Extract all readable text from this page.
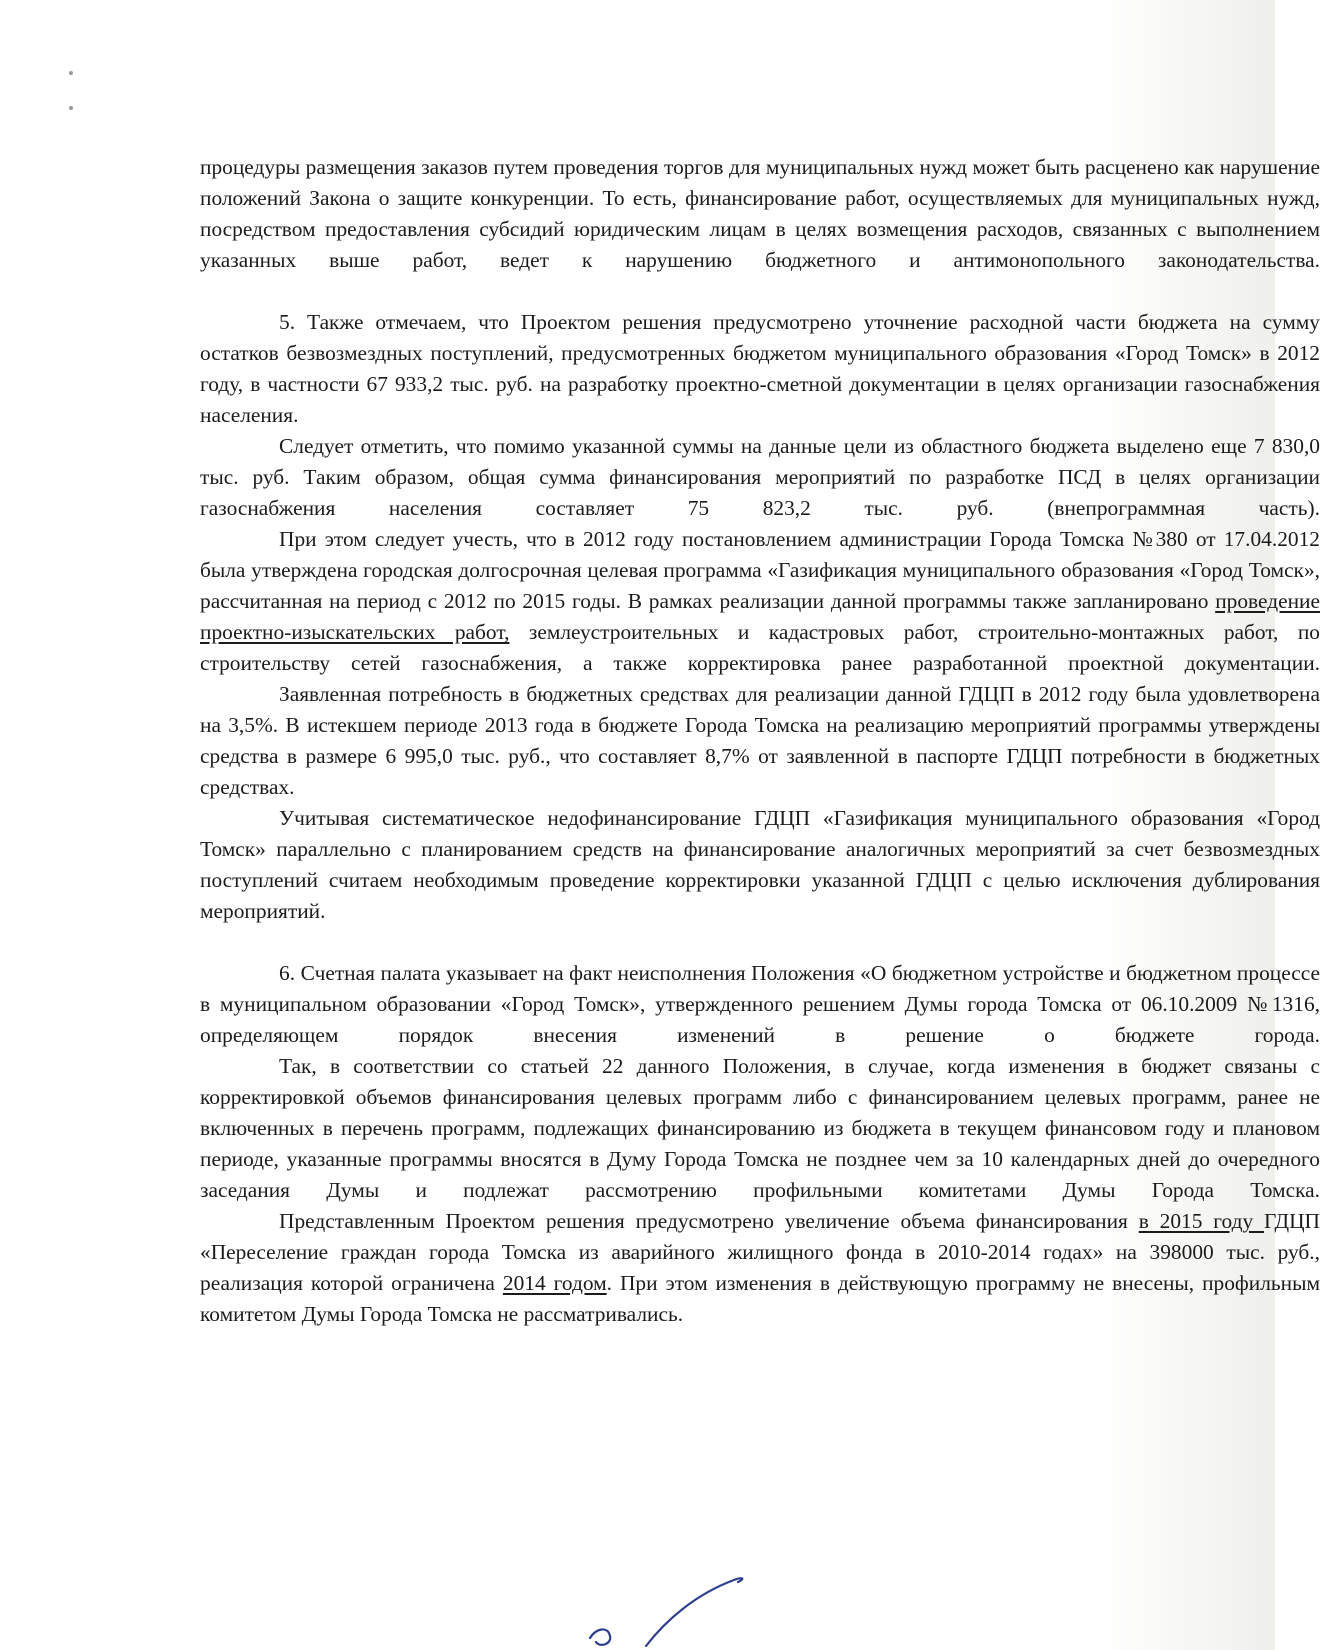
процедуры размещения заказов путем проведения торгов для муниципальных нужд может быть расценено как нарушение положений Закона о защите конкуренции. То есть, финансирование работ, осуществляемых для муниципальных нужд, посредством предоставления субсидий юридическим лицам в целях возмещения расходов, связанных с выполнением указанных выше работ, ведет к нарушению бюджетного и антимонопольного законодательства.

5. Также отмечаем, что Проектом решения предусмотрено уточнение расходной части бюджета на сумму остатков безвозмездных поступлений, предусмотренных бюджетом муниципального образования «Город Томск» в 2012 году, в частности 67 933,2 тыс. руб. на разработку проектно-сметной документации в целях организации газоснабжения населения.

Следует отметить, что помимо указанной суммы на данные цели из областного бюджета выделено еще 7 830,0 тыс. руб. Таким образом, общая сумма финансирования мероприятий по разработке ПСД в целях организации газоснабжения населения составляет 75 823,2 тыс. руб. (внепрограммная часть).

При этом следует учесть, что в 2012 году постановлением администрации Города Томска №380 от 17.04.2012 была утверждена городская долгосрочная целевая программа «Газификация муниципального образования «Город Томск», рассчитанная на период с 2012 по 2015 годы. В рамках реализации данной программы также запланировано проведение проектно-изыскательских работ, землеустроительных и кадастровых работ, строительно-монтажных работ, по строительству сетей газоснабжения, а также корректировка ранее разработанной проектной документации.

Заявленная потребность в бюджетных средствах для реализации данной ГДЦП в 2012 году была удовлетворена на 3,5%. В истекшем периоде 2013 года в бюджете Города Томска на реализацию мероприятий программы утверждены средства в размере 6 995,0 тыс. руб., что составляет 8,7% от заявленной в паспорте ГДЦП потребности в бюджетных средствах.

Учитывая систематическое недофинансирование ГДЦП «Газификация муниципального образования «Город Томск» параллельно с планированием средств на финансирование аналогичных мероприятий за счет безвозмездных поступлений считаем необходимым проведение корректировки указанной ГДЦП с целью исключения дублирования мероприятий.

6. Счетная палата указывает на факт неисполнения Положения «О бюджетном устройстве и бюджетном процессе в муниципальном образовании «Город Томск», утвержденного решением Думы города Томска от 06.10.2009 №1316, определяющем порядок внесения изменений в решение о бюджете города.

Так, в соответствии со статьей 22 данного Положения, в случае, когда изменения в бюджет связаны с корректировкой объемов финансирования целевых программ либо с финансированием целевых программ, ранее не включенных в перечень программ, подлежащих финансированию из бюджета в текущем финансовом году и плановом периоде, указанные программы вносятся в Думу Города Томска не позднее чем за 10 календарных дней до очередного заседания Думы и подлежат рассмотрению профильными комитетами Думы Города Томска.

Представленным Проектом решения предусмотрено увеличение объема финансирования в 2015 году ГДЦП «Переселение граждан города Томска из аварийного жилищного фонда в 2010-2014 годах» на 398000 тыс. руб., реализация которой ограничена 2014 годом. При этом изменения в действующую программу не внесены, профильным комитетом Думы Города Томска не рассматривались.
